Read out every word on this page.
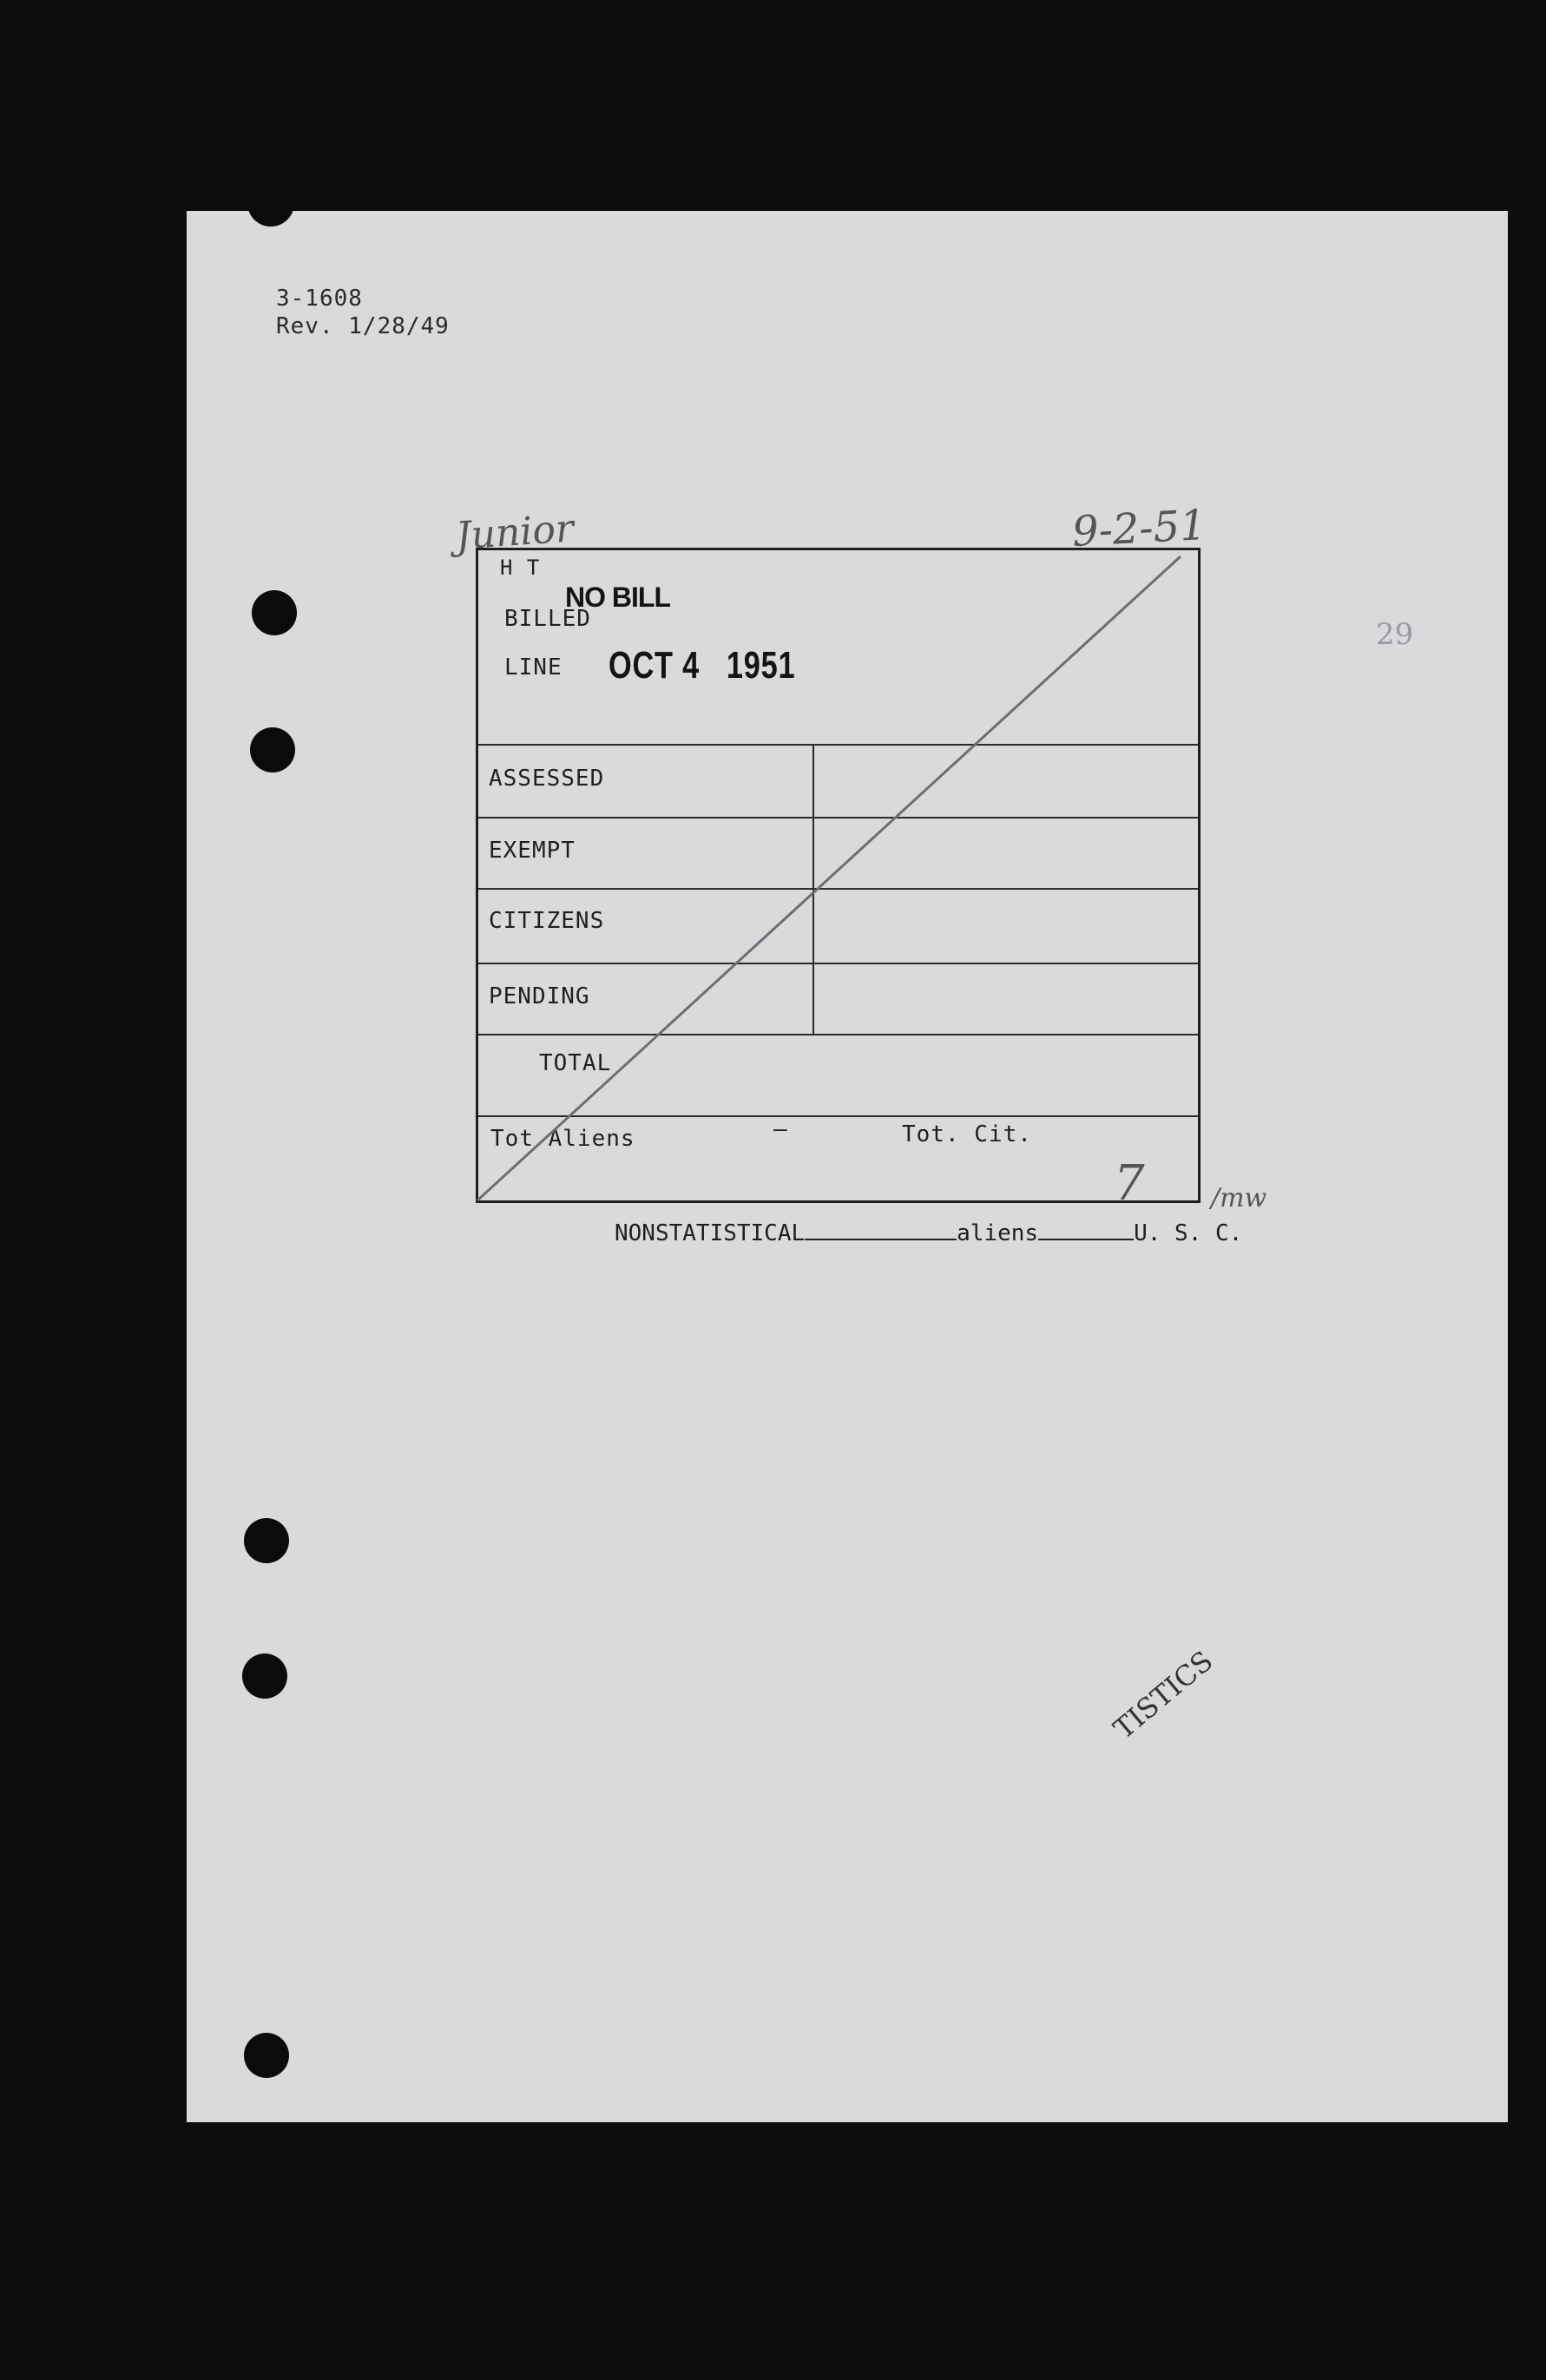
3-1608
Rev. 1/28/49
Junior	9-2-51
29
H T
NO BILL
BILLED
LINE OCT 4   1951
ASSESSED
EXEMPT
CITIZENS
PENDING
TOTAL
Tot Aliens	—	Tot. Cit.
7	/mw
NONSTATISTICAL	aliens	U. S. C.
TISTICS
